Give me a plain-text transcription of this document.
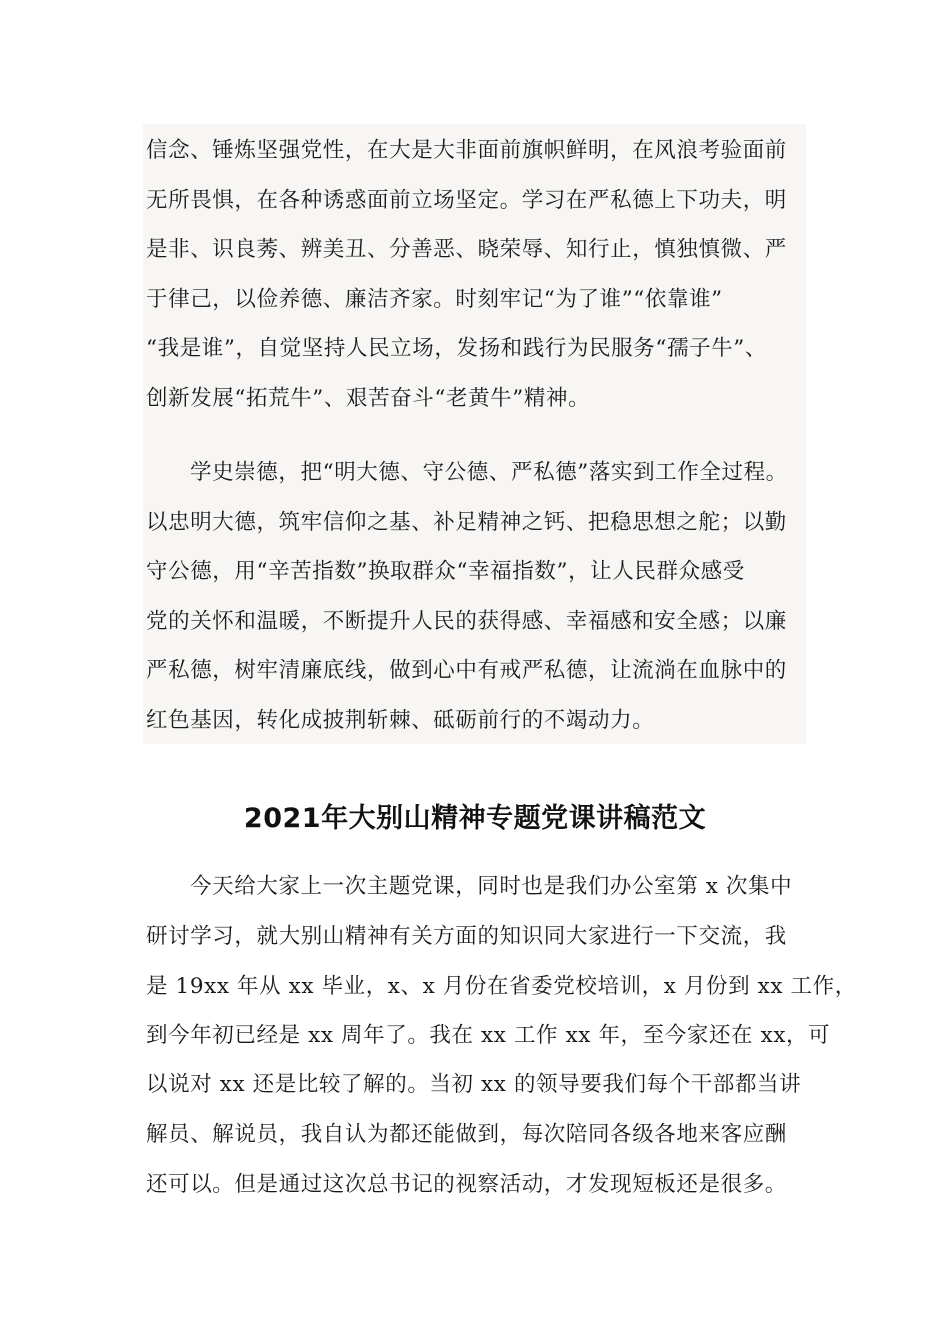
信念、锤炼坚强党性，在大是大非面前旗帜鲜明，在风浪考验面前
无所畏惧，在各种诱惑面前立场坚定。学习在严私德上下功夫，明
是非、识良莠、辨美丑、分善恶、晓荣辱、知行止，慎独慎微、严
于律己，以俭养德、廉洁齐家。时刻牢记“为了谁”“依靠谁”
“我是谁”，自觉坚持人民立场，发扬和践行为民服务“孺子牛”、
创新发展“拓荒牛”、艰苦奋斗“老黄牛”精神。
学史崇德，把“明大德、守公德、严私德”落实到工作全过程。
以忠明大德，筑牢信仰之基、补足精神之钙、把稳思想之舵；以勤
守公德，用“辛苦指数”换取群众“幸福指数”，让人民群众感受
党的关怀和温暖，不断提升人民的获得感、幸福感和安全感；以廉
严私德，树牢清廉底线，做到心中有戒严私德，让流淌在血脉中的
红色基因，转化成披荆斩棘、砥砺前行的不竭动力。
2021年大别山精神专题党课讲稿范文
今天给大家上一次主题党课，同时也是我们办公室第 x 次集中
研讨学习，就大别山精神有关方面的知识同大家进行一下交流，我
是 19xx 年从 xx 毕业，x、x 月份在省委党校培训，x 月份到 xx 工作，
到今年初已经是 xx 周年了。我在 xx 工作 xx 年，至今家还在 xx，可
以说对 xx 还是比较了解的。当初 xx 的领导要我们每个干部都当讲
解员、解说员，我自认为都还能做到，每次陪同各级各地来客应酬
还可以。但是通过这次总书记的视察活动，才发现短板还是很多。
